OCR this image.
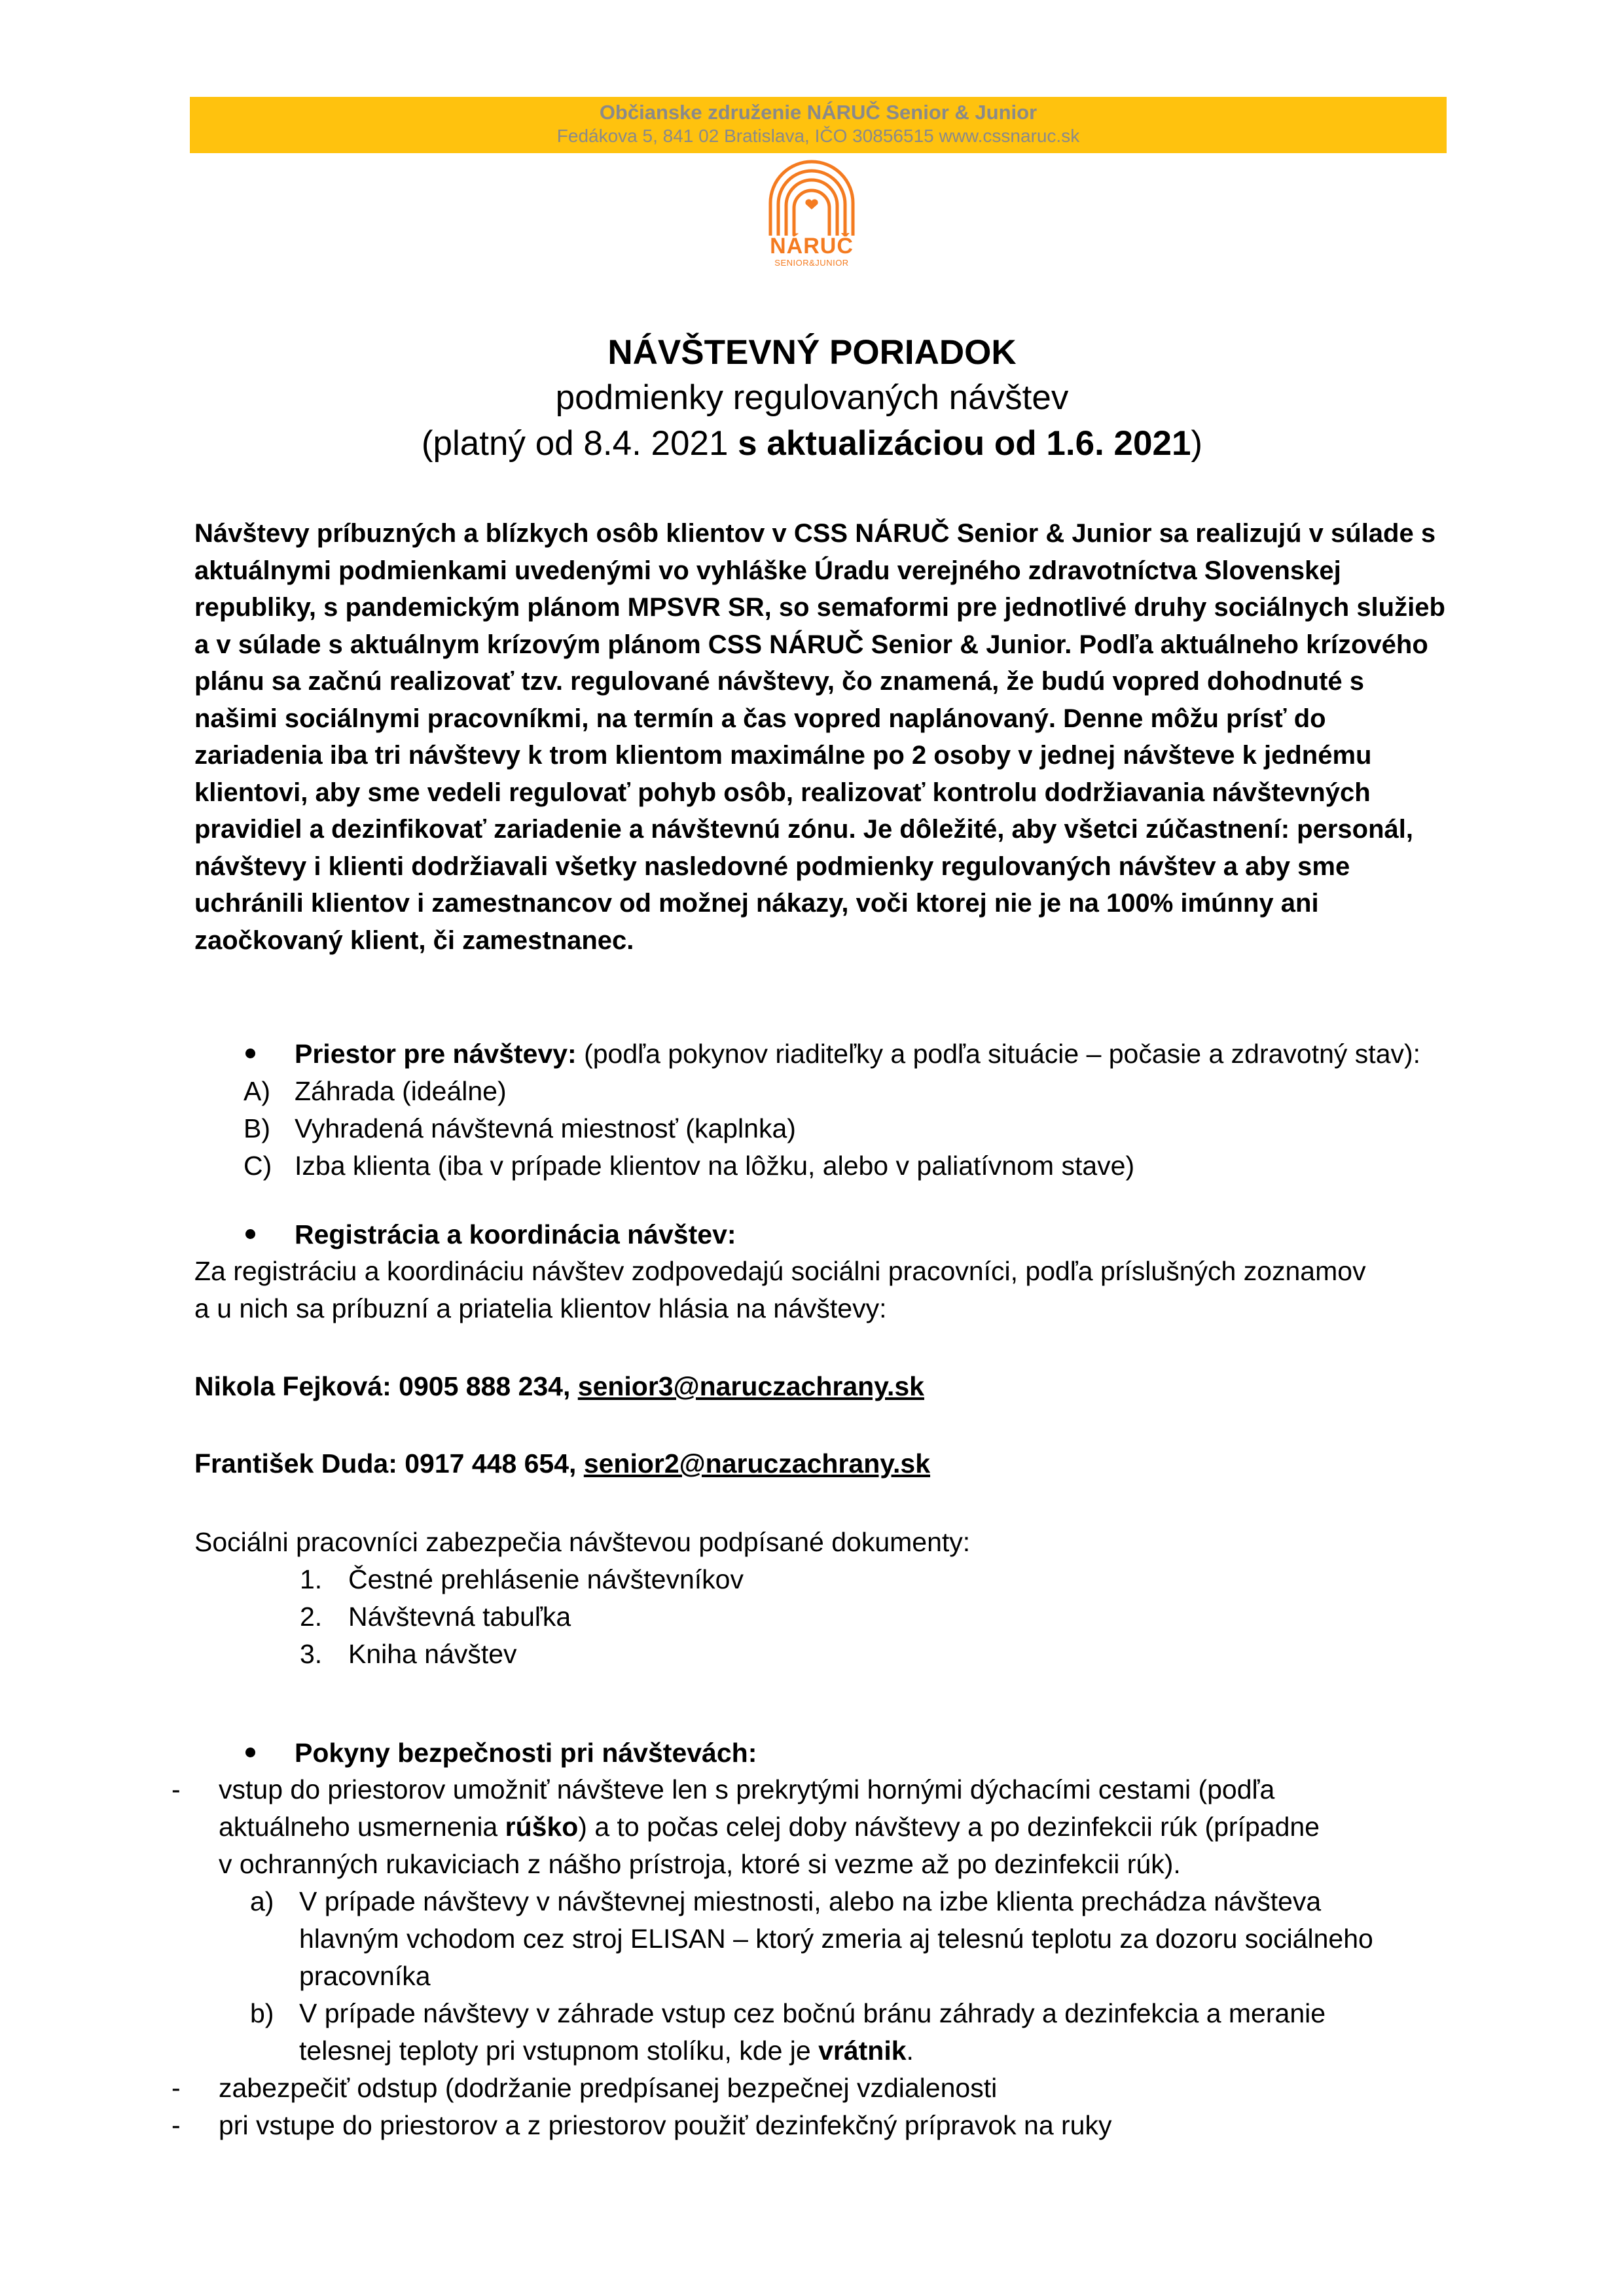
Občianske združenie NÁRUČ Senior & Junior
Fedákova 5, 841 02 Bratislava, IČO 30856515 www.cssnaruc.sk
NÁRUČ
SENIOR&JUNIOR
NÁVŠTEVNÝ PORIADOK
podmienky regulovaných návštev
(platný od 8.4. 2021 s aktualizáciou od 1.6. 2021)
Návštevy príbuzných a blízkych osôb klientov v CSS NÁRUČ Senior & Junior sa realizujú v súlade s
aktuálnymi podmienkami uvedenými vo vyhláške Úradu verejného zdravotníctva Slovenskej
republiky, s pandemickým plánom MPSVR SR, so semaformi pre jednotlivé druhy sociálnych služieb
a v súlade s aktuálnym krízovým plánom CSS NÁRUČ Senior & Junior. Podľa aktuálneho krízového
plánu sa začnú realizovať tzv. regulované návštevy, čo znamená, že budú vopred dohodnuté s
našimi sociálnymi pracovníkmi, na termín a čas vopred naplánovaný. Denne môžu prísť do
zariadenia iba tri návštevy k trom klientom maximálne po 2 osoby v jednej návšteve k jednému
klientovi, aby sme vedeli regulovať pohyb osôb, realizovať kontrolu dodržiavania návštevných
pravidiel a dezinfikovať zariadenie a návštevnú zónu. Je dôležité, aby všetci zúčastnení: personál,
návštevy i klienti dodržiavali všetky nasledovné podmienky regulovaných návštev a aby sme
uchránili klientov i zamestnancov od možnej nákazy, voči ktorej nie je na 100% imúnny ani
zaočkovaný klient, či zamestnanec.
Priestor pre návštevy: (podľa pokynov riaditeľky a podľa situácie – počasie a zdravotný stav):
A) Záhrada (ideálne)
B) Vyhradená návštevná miestnosť (kaplnka)
C) Izba klienta (iba v prípade klientov na lôžku, alebo v paliatívnom stave)
Registrácia a koordinácia návštev:
Za registráciu a koordináciu návštev zodpovedajú sociálni pracovníci, podľa príslušných zoznamov
a u nich sa príbuzní a priatelia klientov hlásia na návštevy:
Nikola Fejková: 0905 888 234, senior3@naruczachrany.sk
František Duda: 0917 448 654, senior2@naruczachrany.sk
Sociálni pracovníci zabezpečia návštevou podpísané dokumenty:
1. Čestné prehlásenie návštevníkov
2. Návštevná tabuľka
3. Kniha návštev
Pokyny bezpečnosti pri návštevách:
- vstup do priestorov umožniť návšteve len s prekrytými hornými dýchacími cestami (podľa
aktuálneho usmernenia rúško) a to počas celej doby návštevy a po dezinfekcii rúk (prípadne
v ochranných rukaviciach z nášho prístroja, ktoré si vezme až po dezinfekcii rúk).
a) V prípade návštevy v návštevnej miestnosti, alebo na izbe klienta prechádza návšteva
hlavným vchodom cez stroj ELISAN – ktorý zmeria aj telesnú teplotu za dozoru sociálneho
pracovníka
b) V prípade návštevy v záhrade vstup cez bočnú bránu záhrady a dezinfekcia a meranie
telesnej teploty pri vstupnom stolíku, kde je vrátnik.
- zabezpečiť odstup (dodržanie predpísanej bezpečnej vzdialenosti
- pri vstupe do priestorov a z priestorov použiť dezinfekčný prípravok na ruky
